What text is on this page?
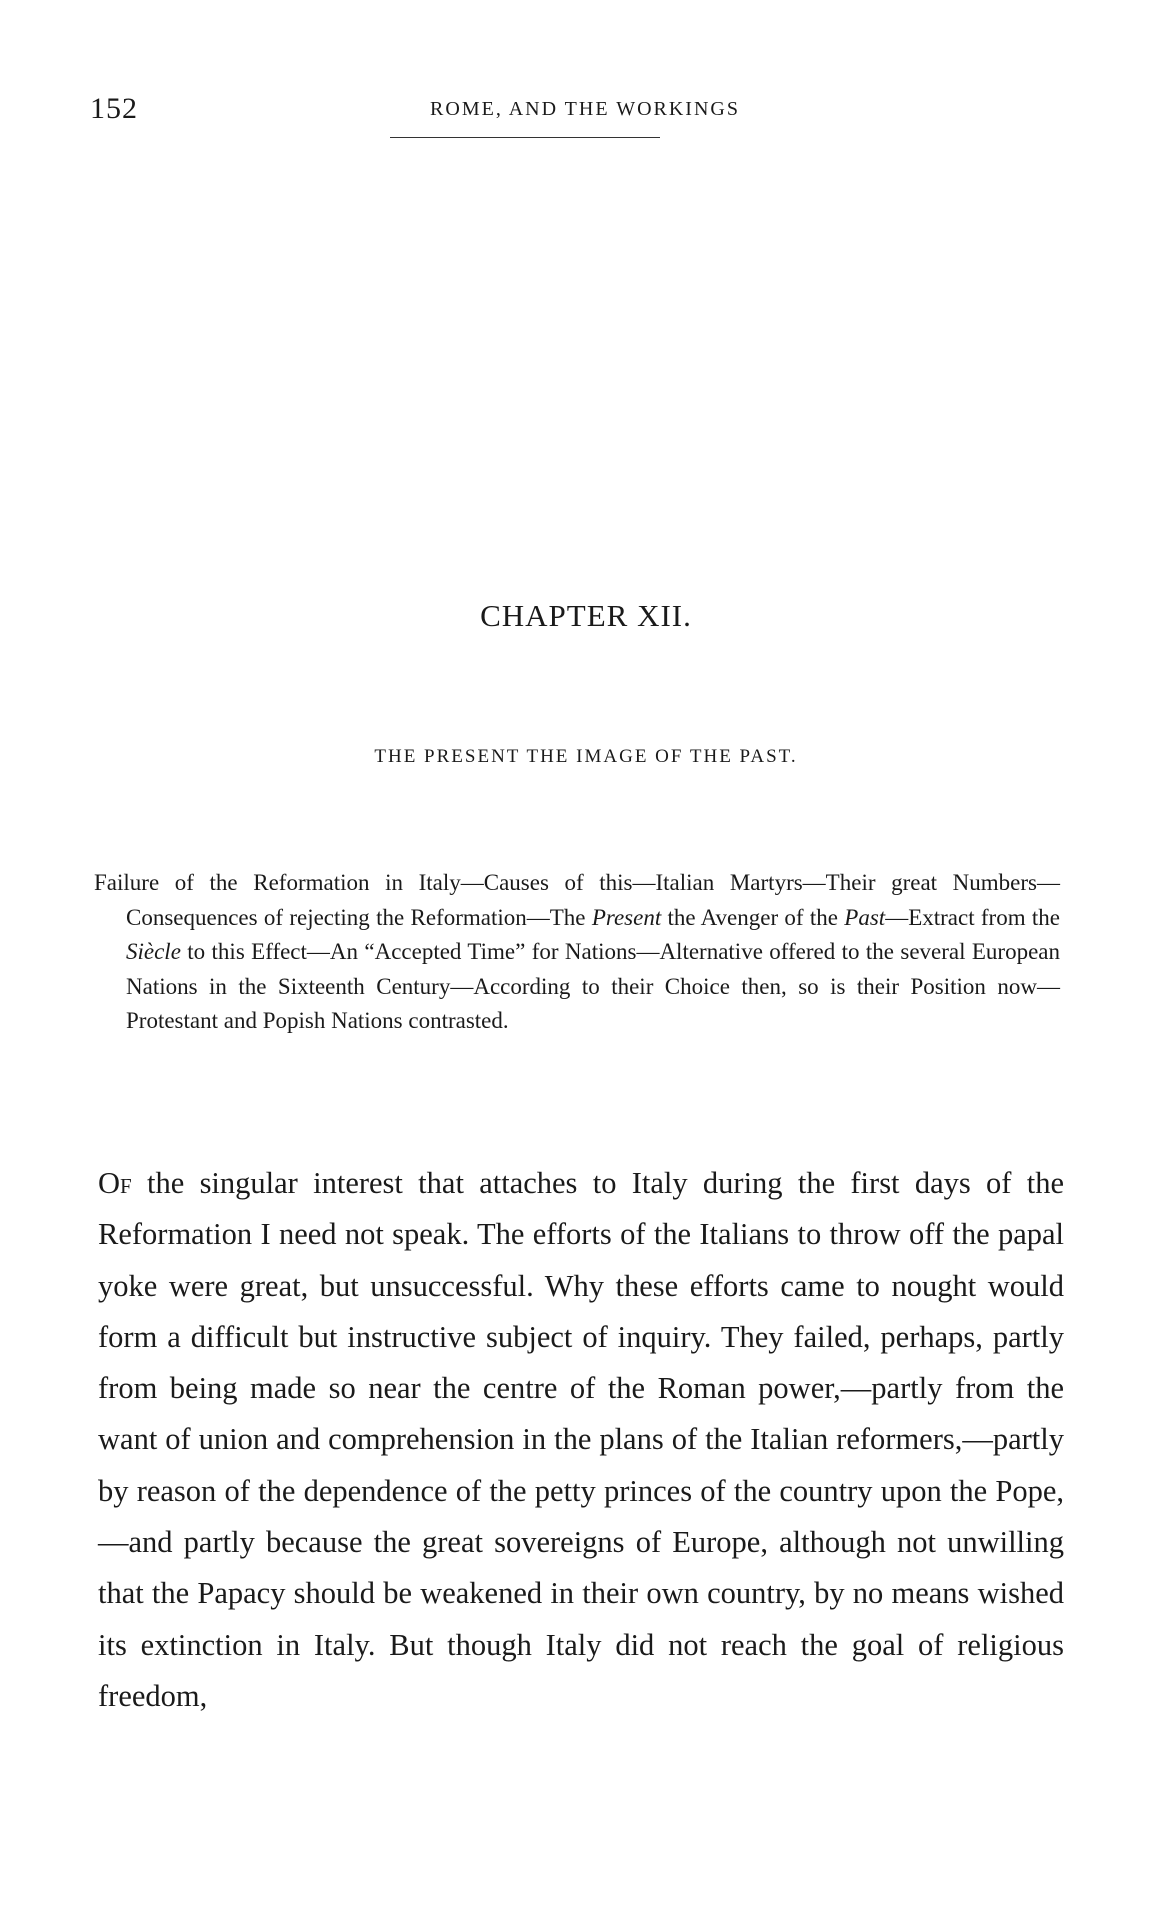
152	ROME, AND THE WORKINGS
CHAPTER XII.
THE PRESENT THE IMAGE OF THE PAST.
Failure of the Reformation in Italy—Causes of this—Italian Martyrs—Their great Numbers—Consequences of rejecting the Reformation—The Present the Avenger of the Past—Extract from the Siècle to this Effect—An “Accepted Time” for Nations—Alternative offered to the several European Nations in the Sixteenth Century—According to their Choice then, so is their Position now—Protestant and Popish Nations contrasted.
Of the singular interest that attaches to Italy during the first days of the Reformation I need not speak. The efforts of the Italians to throw off the papal yoke were great, but unsuccessful. Why these efforts came to nought would form a difficult but instructive subject of inquiry. They failed, perhaps, partly from being made so near the centre of the Roman power,—partly from the want of union and comprehension in the plans of the Italian reformers,—partly by reason of the dependence of the petty princes of the country upon the Pope,—and partly because the great sovereigns of Europe, although not unwilling that the Papacy should be weakened in their own country, by no means wished its extinction in Italy. But though Italy did not reach the goal of religious freedom,
